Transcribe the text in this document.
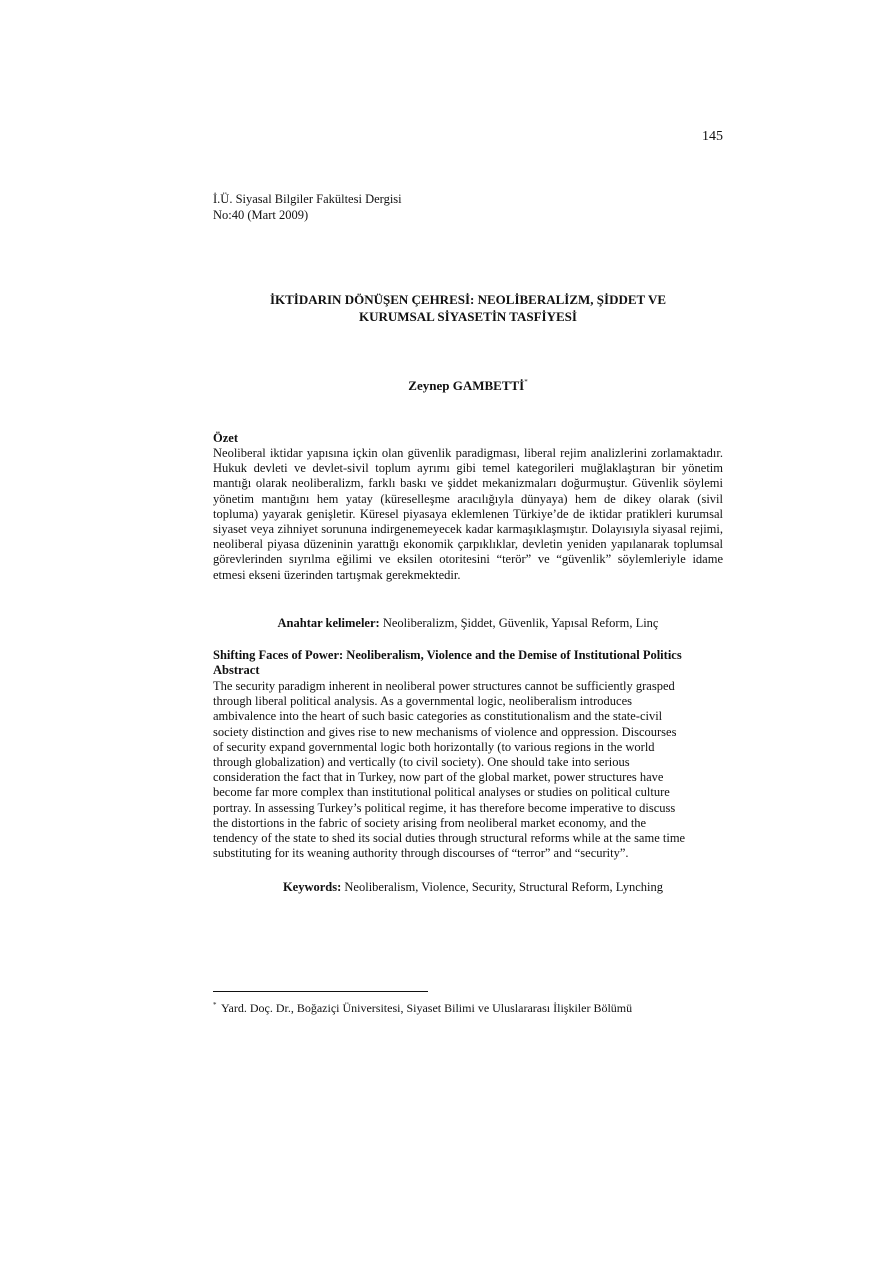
145
İ.Ü. Siyasal Bilgiler Fakültesi Dergisi
No:40 (Mart 2009)
İKTİDARIN DÖNÜŞEN ÇEHRESİ: NEOLİBERALİZM, ŞİDDET VE
KURUMSAL SİYASETİN TASFİYESİ
Zeynep GAMBETTİ*
Özet
Neoliberal iktidar yapısına içkin olan güvenlik paradigması, liberal rejim analizlerini zorlamaktadır. Hukuk devleti ve devlet-sivil toplum ayrımı gibi temel kategorileri muğlaklaştıran bir yönetim mantığı olarak neoliberalizm, farklı baskı ve şiddet mekanizmaları doğurmuştur. Güvenlik söylemi yönetim mantığını hem yatay (küreselleşme aracılığıyla dünyaya) hem de dikey olarak (sivil topluma) yayarak genişletir. Küresel piyasaya eklemlenen Türkiye’de de iktidar pratikleri kurumsal siyaset veya zihniyet sorununa indirgenemeyecek kadar karmaşıklaşmıştır. Dolayısıyla siyasal rejimi, neoliberal piyasa düzeninin yarattığı ekonomik çarpıklıklar, devletin yeniden yapılanarak toplumsal görevlerinden sıyrılma eğilimi ve eksilen otoritesini “terör” ve “güvenlik” söylemleriyle idame etmesi ekseni üzerinden tartışmak gerekmektedir.
Anahtar kelimeler: Neoliberalizm, Şiddet, Güvenlik, Yapısal Reform, Linç
Shifting Faces of Power: Neoliberalism, Violence and the Demise of Institutional Politics
Abstract
The security paradigm inherent in neoliberal power structures cannot be sufficiently grasped
through liberal political analysis. As a governmental logic, neoliberalism introduces
ambivalence into the heart of such basic categories as constitutionalism and the state-civil
society distinction and gives rise to new mechanisms of violence and oppression. Discourses
of security expand governmental logic both horizontally (to various regions in the world
through globalization) and vertically (to civil society). One should take into serious
consideration the fact that in Turkey, now part of the global market, power structures have
become far more complex than institutional political analyses or studies on political culture
portray. In assessing Turkey’s political regime, it has therefore become imperative to discuss
the distortions in the fabric of society arising from neoliberal market economy, and the
tendency of the state to shed its social duties through structural reforms while at the same time
substituting for its weaning authority through discourses of “terror” and “security”.
Keywords: Neoliberalism, Violence, Security, Structural Reform, Lynching
* Yard. Doç. Dr., Boğaziçi Üniversitesi, Siyaset Bilimi ve Uluslararası İlişkiler Bölümü
